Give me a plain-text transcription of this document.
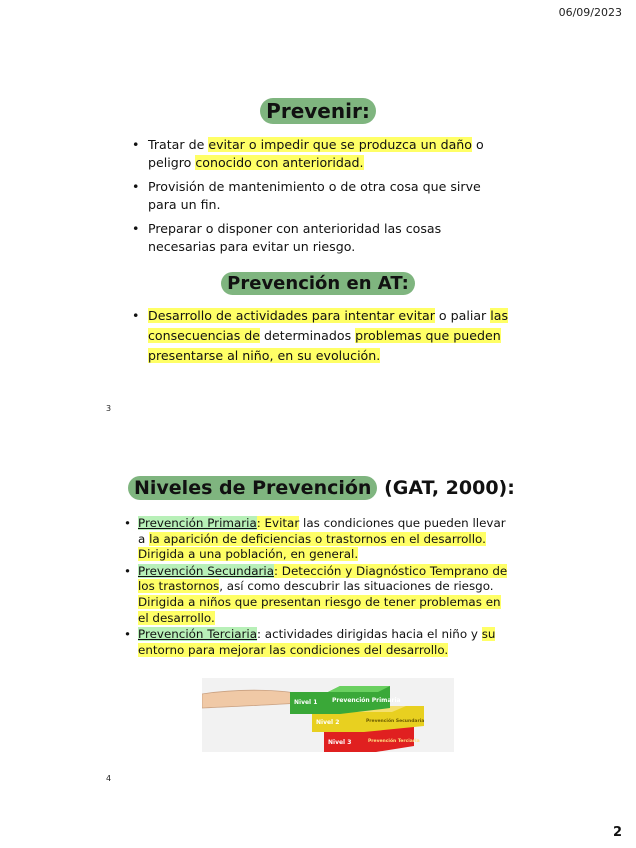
06/09/2023
Prevenir:
• Tratar de evitar o impedir que se produzca un daño o peligro conocido con anterioridad.
• Provisión de mantenimiento o de otra cosa que sirve para un fin.
• Preparar o disponer con anterioridad las cosas necesarias para evitar un riesgo.
Prevención en AT:
• Desarrollo de actividades para intentar evitar o paliar las consecuencias de determinados problemas que pueden presentarse al niño, en su evolución.
3
Niveles de Prevención (GAT, 2000):
• Prevención Primaria: Evitar las condiciones que pueden llevar a la aparición de deficiencias o trastornos en el desarrollo. Dirigida a una población, en general.
• Prevención Secundaria: Detección y Diagnóstico Temprano de los trastornos, así como descubrir las situaciones de riesgo. Dirigida a niños que presentan riesgo de tener problemas en el desarrollo.
• Prevención Terciaria: actividades dirigidas hacia el niño y su entorno para mejorar las condiciones del desarrollo.
Nivel 1 Prevención Primaria
Nivel 2	Prevención Secundaria
Nivel 3	Prevención Terciaria
4
2
